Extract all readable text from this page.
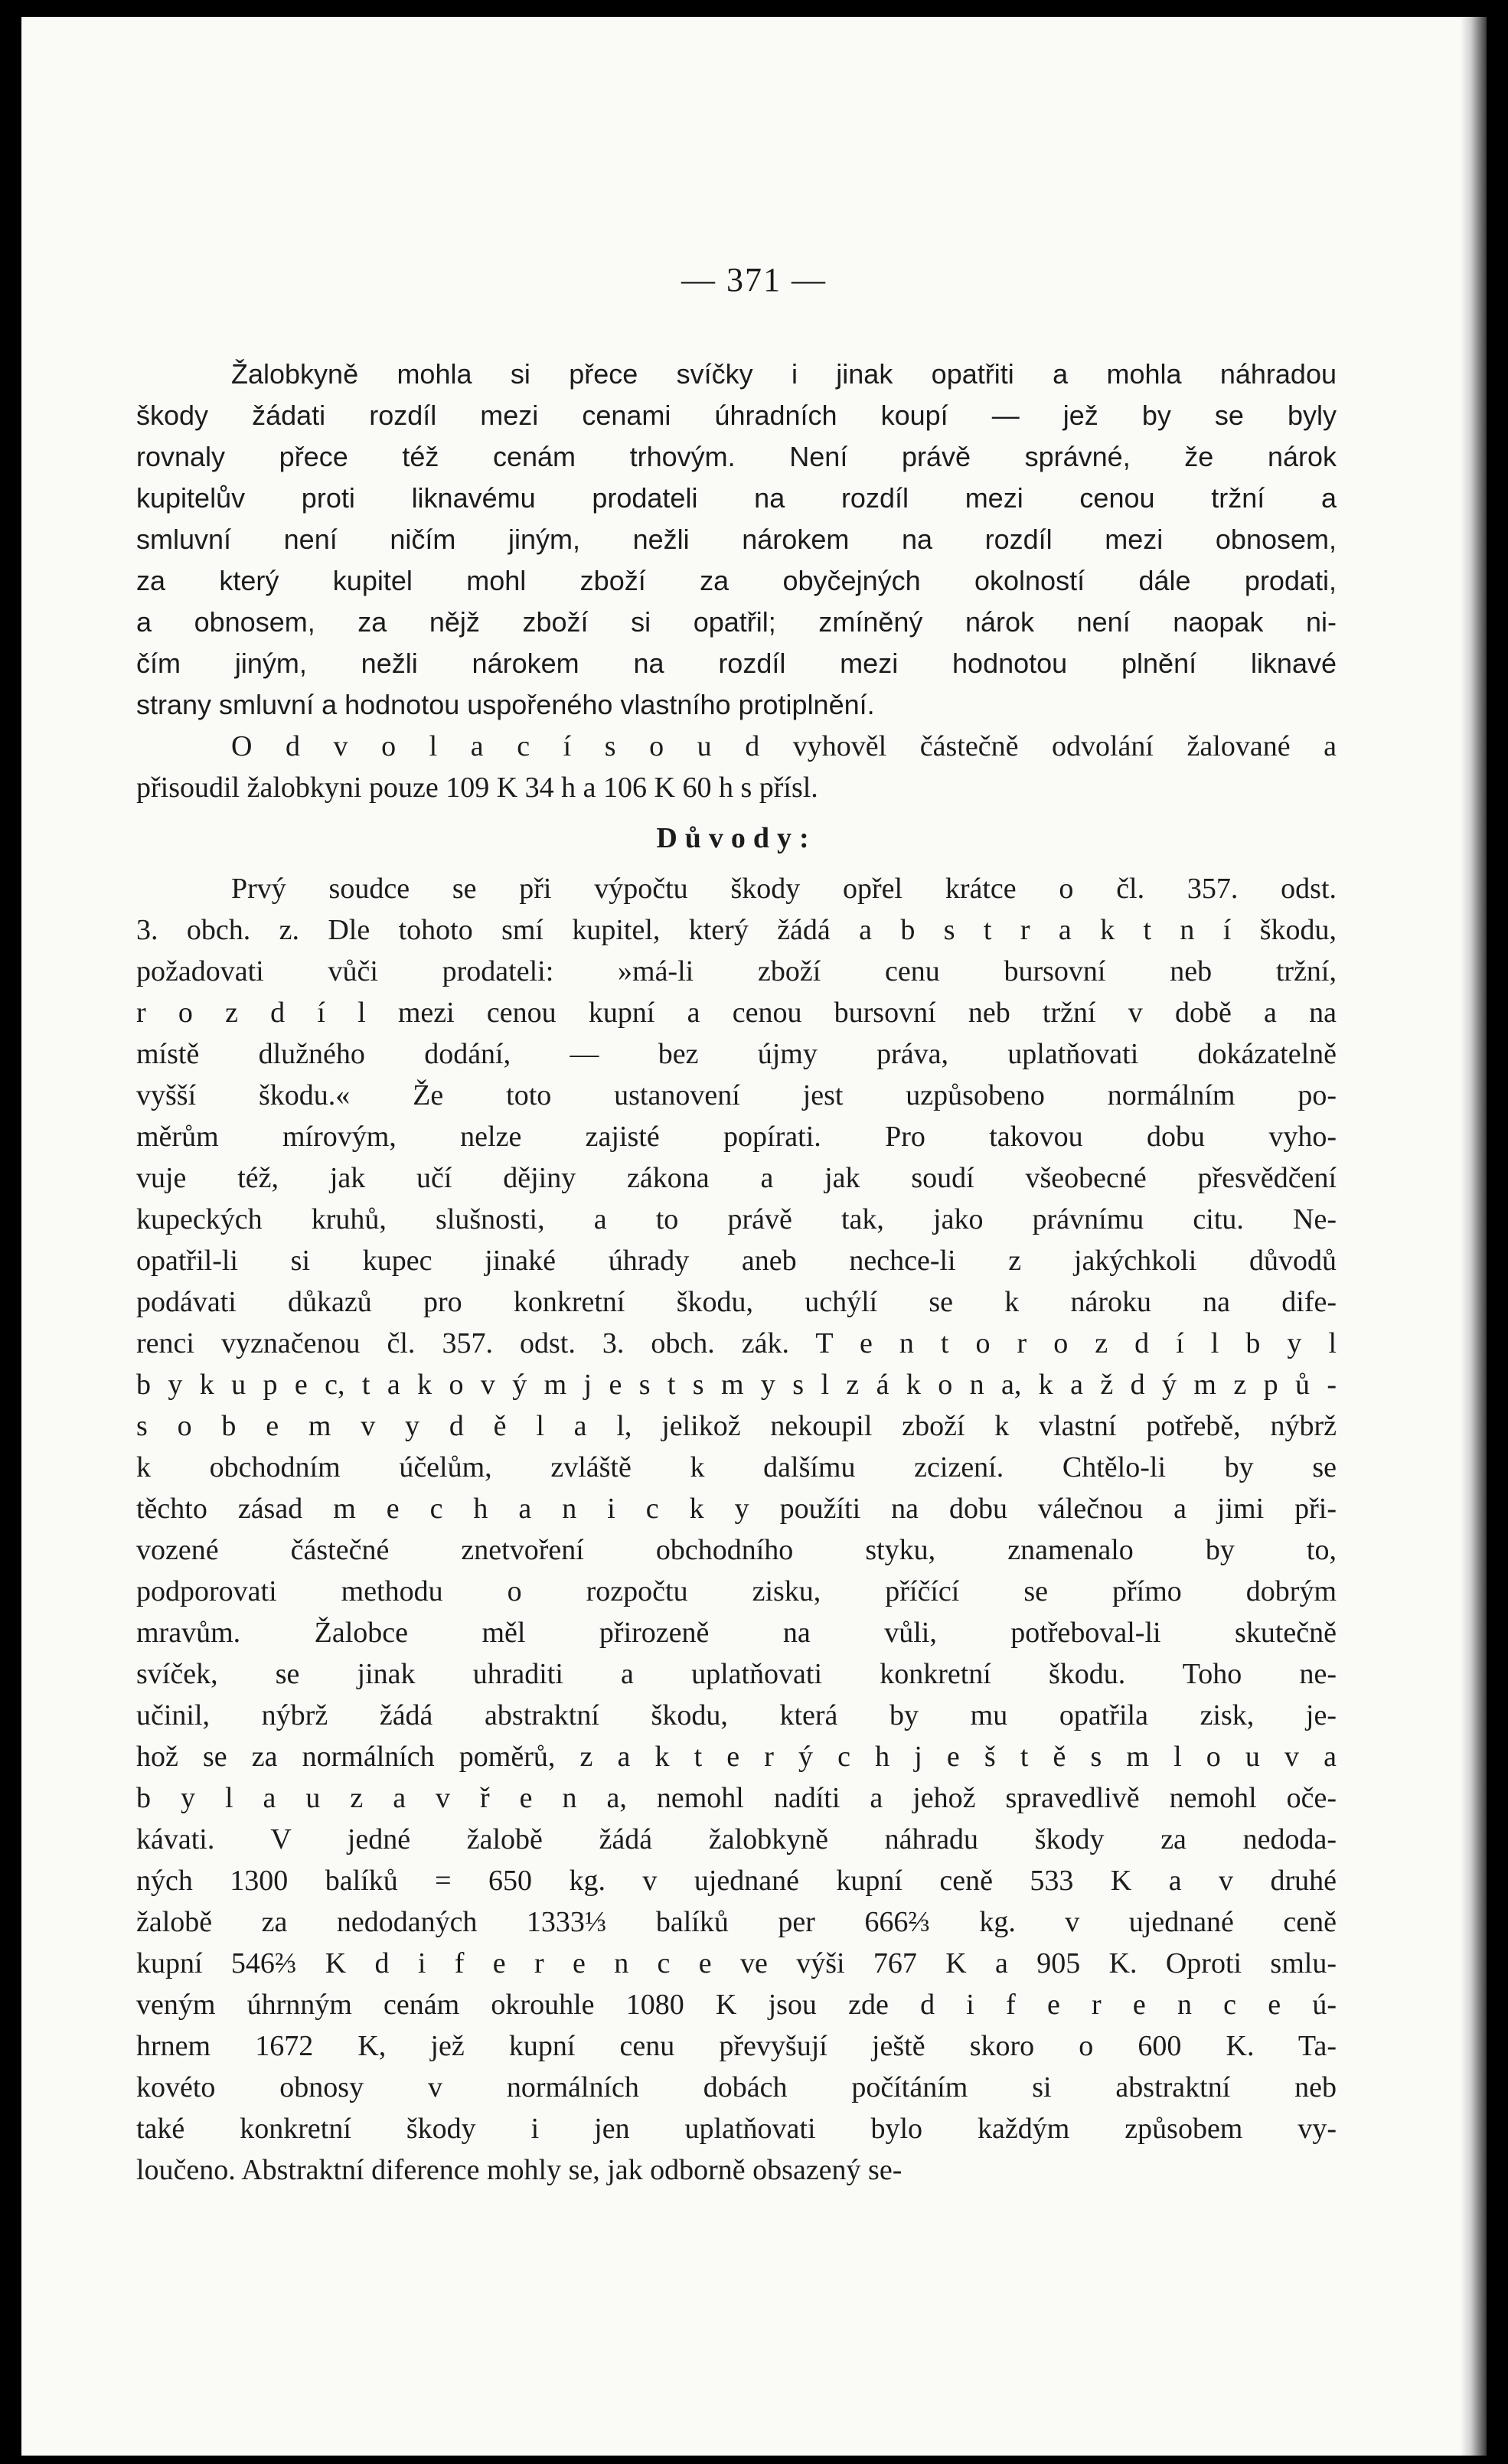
— 371 —
Žalobkyně mohla si přece svíčky i jinak opatřiti a mohla náhradou
škody žádati rozdíl mezi cenami úhradních koupí — jež by se byly
rovnaly přece též cenám trhovým. Není právě správné, že nárok
kupitelův proti liknavému prodateli na rozdíl mezi cenou tržní a
smluvní není ničím jiným, nežli nárokem na rozdíl mezi obnosem,
za který kupitel mohl zboží za obyčejných okolností dále prodati,
a obnosem, za nějž zboží si opatřil; zmíněný nárok není naopak ni-
čím jiným, nežli nárokem na rozdíl mezi hodnotou plnění liknavé
strany smluvní a hodnotou uspořeného vlastního protiplnění.
O d v o l a c í s o u d vyhověl částečně odvolání žalované a
přisoudil žalobkyni pouze 109 K 34 h a 106 K 60 h s přísl.
Důvody:
Prvý soudce se při výpočtu škody opřel krátce o čl. 357. odst.
3. obch. z. Dle tohoto smí kupitel, který žádá a b s t r a k t n í škodu,
požadovati vůči prodateli: »má-li zboží cenu bursovní neb tržní,
r o z d í l mezi cenou kupní a cenou bursovní neb tržní v době a na
místě dlužného dodání, — bez újmy práva, uplatňovati dokázatelně
vyšší škodu.« Že toto ustanovení jest uzpůsobeno normálním po-
měrům mírovým, nelze zajisté popírati. Pro takovou dobu vyho-
vuje též, jak učí dějiny zákona a jak soudí všeobecné přesvědčení
kupeckých kruhů, slušnosti, a to právě tak, jako právnímu citu. Ne-
opatřil-li si kupec jinaké úhrady aneb nechce-li z jakýchkoli důvodů
podávati důkazů pro konkretní škodu, uchýlí se k nároku na dife-
renci vyznačenou čl. 357. odst. 3. obch. zák. T e n t o r o z d í l b y l
b y k u p e c, t a k o v ý m j e s t s m y s l z á k o n a, k a ž d ý m z p ů -
s o b e m v y d ě l a l, jelikož nekoupil zboží k vlastní potřebě, nýbrž
k obchodním účelům, zvláště k dalšímu zcizení. Chtělo-li by se
těchto zásad m e c h a n i c k y použíti na dobu válečnou a jimi při-
vozené částečné znetvoření obchodního styku, znamenalo by to,
podporovati methodu o rozpočtu zisku, příčící se přímo dobrým
mravům. Žalobce měl přirozeně na vůli, potřeboval-li skutečně
svíček, se jinak uhraditi a uplatňovati konkretní škodu. Toho ne-
učinil, nýbrž žádá abstraktní škodu, která by mu opatřila zisk, je-
hož se za normálních poměrů, z a k t e r ý c h j e š t ě s m l o u v a
b y l a u z a v ř e n a, nemohl nadíti a jehož spravedlivě nemohl oče-
kávati. V jedné žalobě žádá žalobkyně náhradu škody za nedoda-
ných 1300 balíků = 650 kg. v ujednané kupní ceně 533 K a v druhé
žalobě za nedodaných 1333⅓ balíků per 666⅔ kg. v ujednané ceně
kupní 546⅔ K d i f e r e n c e ve výši 767 K a 905 K. Oproti smlu-
veným úhrnným cenám okrouhle 1080 K jsou zde d i f e r e n c e ú-
hrnem 1672 K, jež kupní cenu převyšují ještě skoro o 600 K. Ta-
kovéto obnosy v normálních dobách počítáním si abstraktní neb
také konkretní škody i jen uplatňovati bylo každým způsobem vy-
loučeno. Abstraktní diference mohly se, jak odborně obsazený se-
